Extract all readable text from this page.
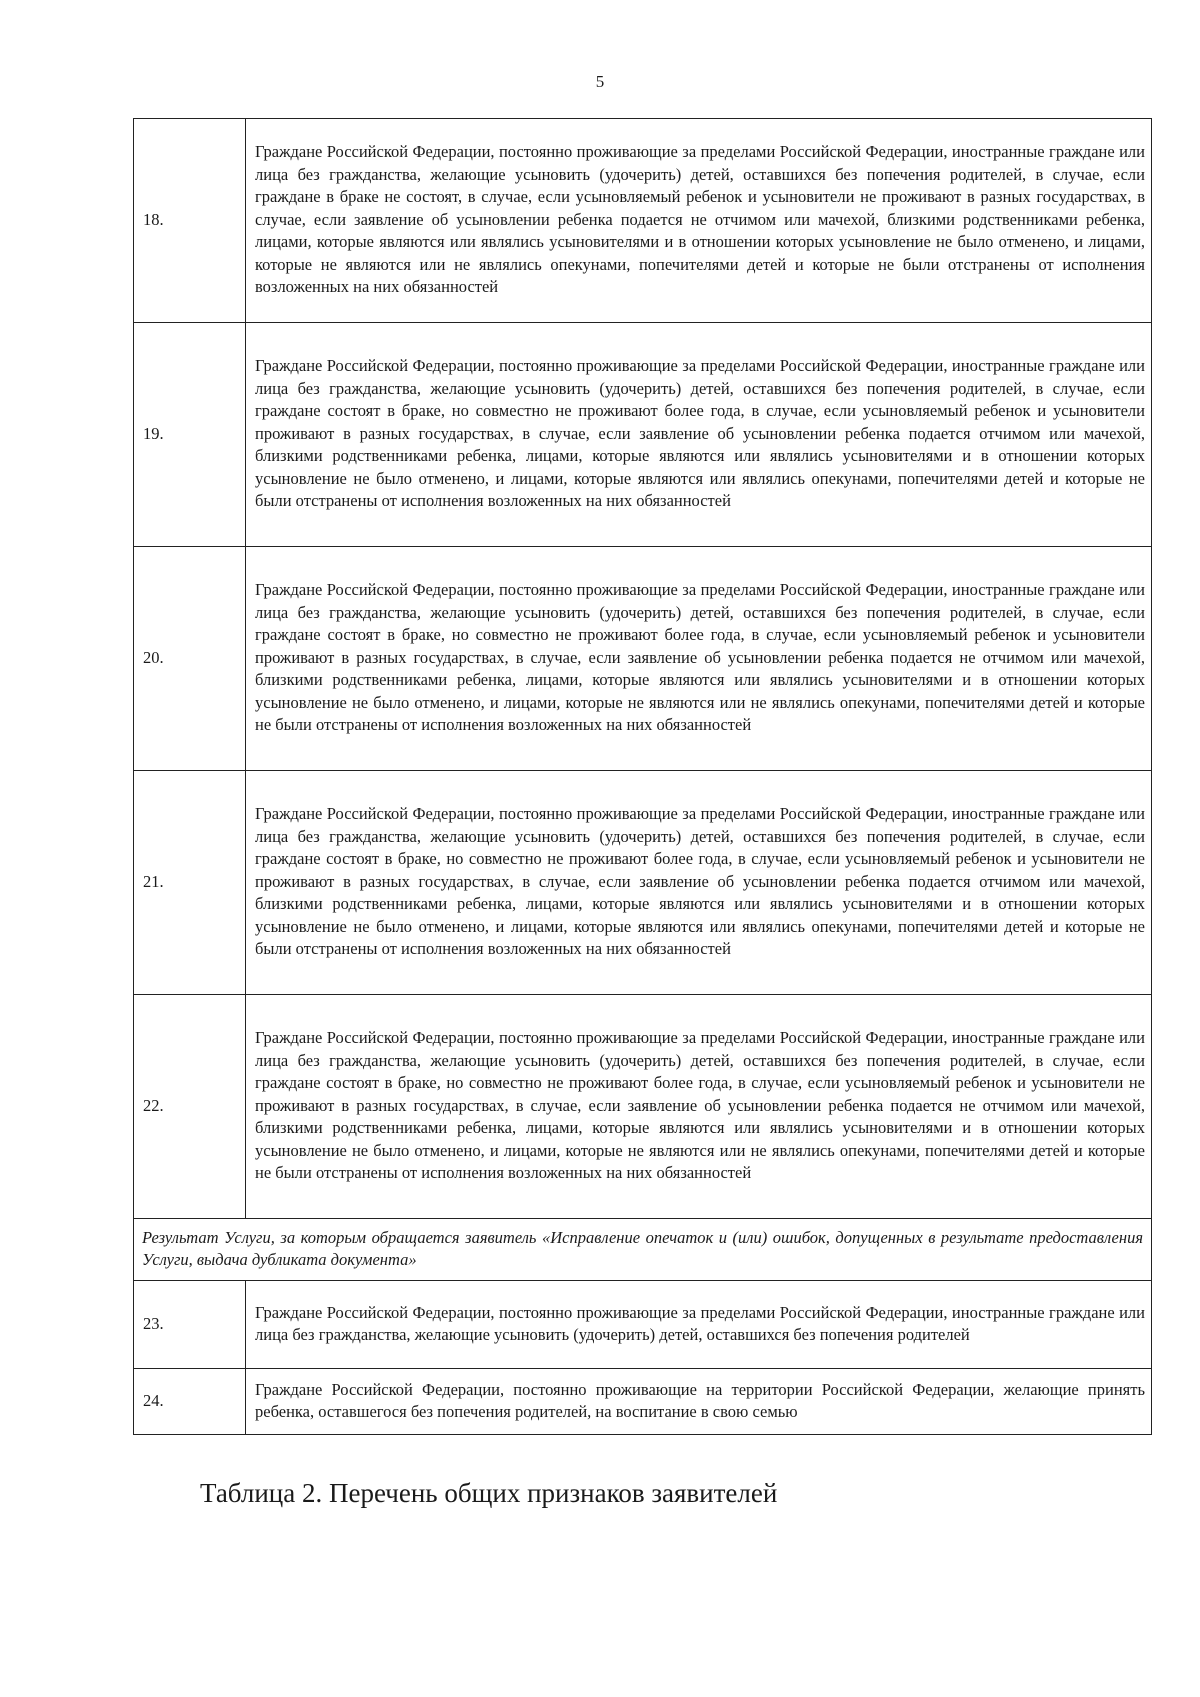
5
18.	Граждане Российской Федерации, постоянно проживающие за пределами Российской Федерации, иностранные граждане или лица без гражданства, желающие усыновить (удочерить) детей, оставшихся без попечения родителей, в случае, если граждане в браке не состоят, в случае, если усыновляемый ребенок и усыновители не проживают в разных государствах, в случае, если заявление об усыновлении ребенка подается не отчимом или мачехой, близкими родственниками ребенка, лицами, которые являются или являлись усыновителями и в отношении которых усыновление не было отменено, и лицами, которые не являются или не являлись опекунами, попечителями детей и которые не были отстранены от исполнения возложенных на них обязанностей
19.	Граждане Российской Федерации, постоянно проживающие за пределами Российской Федерации, иностранные граждане или лица без гражданства, желающие усыновить (удочерить) детей, оставшихся без попечения родителей, в случае, если граждане состоят в браке, но совместно не проживают более года, в случае, если усыновляемый ребенок и усыновители проживают в разных государствах, в случае, если заявление об усыновлении ребенка подается отчимом или мачехой, близкими родственниками ребенка, лицами, которые являются или являлись усыновителями и в отношении которых усыновление не было отменено, и лицами, которые являются или являлись опекунами, попечителями детей и которые не были отстранены от исполнения возложенных на них обязанностей
20.	Граждане Российской Федерации, постоянно проживающие за пределами Российской Федерации, иностранные граждане или лица без гражданства, желающие усыновить (удочерить) детей, оставшихся без попечения родителей, в случае, если граждане состоят в браке, но совместно не проживают более года, в случае, если усыновляемый ребенок и усыновители проживают в разных государствах, в случае, если заявление об усыновлении ребенка подается не отчимом или мачехой, близкими родственниками ребенка, лицами, которые являются или являлись усыновителями и в отношении которых усыновление не было отменено, и лицами, которые не являются или не являлись опекунами, попечителями детей и которые не были отстранены от исполнения возложенных на них обязанностей
21.	Граждане Российской Федерации, постоянно проживающие за пределами Российской Федерации, иностранные граждане или лица без гражданства, желающие усыновить (удочерить) детей, оставшихся без попечения родителей, в случае, если граждане состоят в браке, но совместно не проживают более года, в случае, если усыновляемый ребенок и усыновители не проживают в разных государствах, в случае, если заявление об усыновлении ребенка подается отчимом или мачехой, близкими родственниками ребенка, лицами, которые являются или являлись усыновителями и в отношении которых усыновление не было отменено, и лицами, которые являются или являлись опекунами, попечителями детей и которые не были отстранены от исполнения возложенных на них обязанностей
22.	Граждане Российской Федерации, постоянно проживающие за пределами Российской Федерации, иностранные граждане или лица без гражданства, желающие усыновить (удочерить) детей, оставшихся без попечения родителей, в случае, если граждане состоят в браке, но совместно не проживают более года, в случае, если усыновляемый ребенок и усыновители не проживают в разных государствах, в случае, если заявление об усыновлении ребенка подается не отчимом или мачехой, близкими родственниками ребенка, лицами, которые являются или являлись усыновителями и в отношении которых усыновление не было отменено, и лицами, которые не являются или не являлись опекунами, попечителями детей и которые не были отстранены от исполнения возложенных на них обязанностей
Результат Услуги, за которым обращается заявитель «Исправление опечаток и (или) ошибок, допущенных в результате предоставления Услуги, выдача дубликата документа»	
23.	Граждане Российской Федерации, постоянно проживающие за пределами Российской Федерации, иностранные граждане или лица без гражданства, желающие усыновить (удочерить) детей, оставшихся без попечения родителей
24.	Граждане Российской Федерации, постоянно проживающие на территории Российской Федерации, желающие принять ребенка, оставшегося без попечения родителей, на воспитание в свою семью
Таблица 2. Перечень общих признаков заявителей
